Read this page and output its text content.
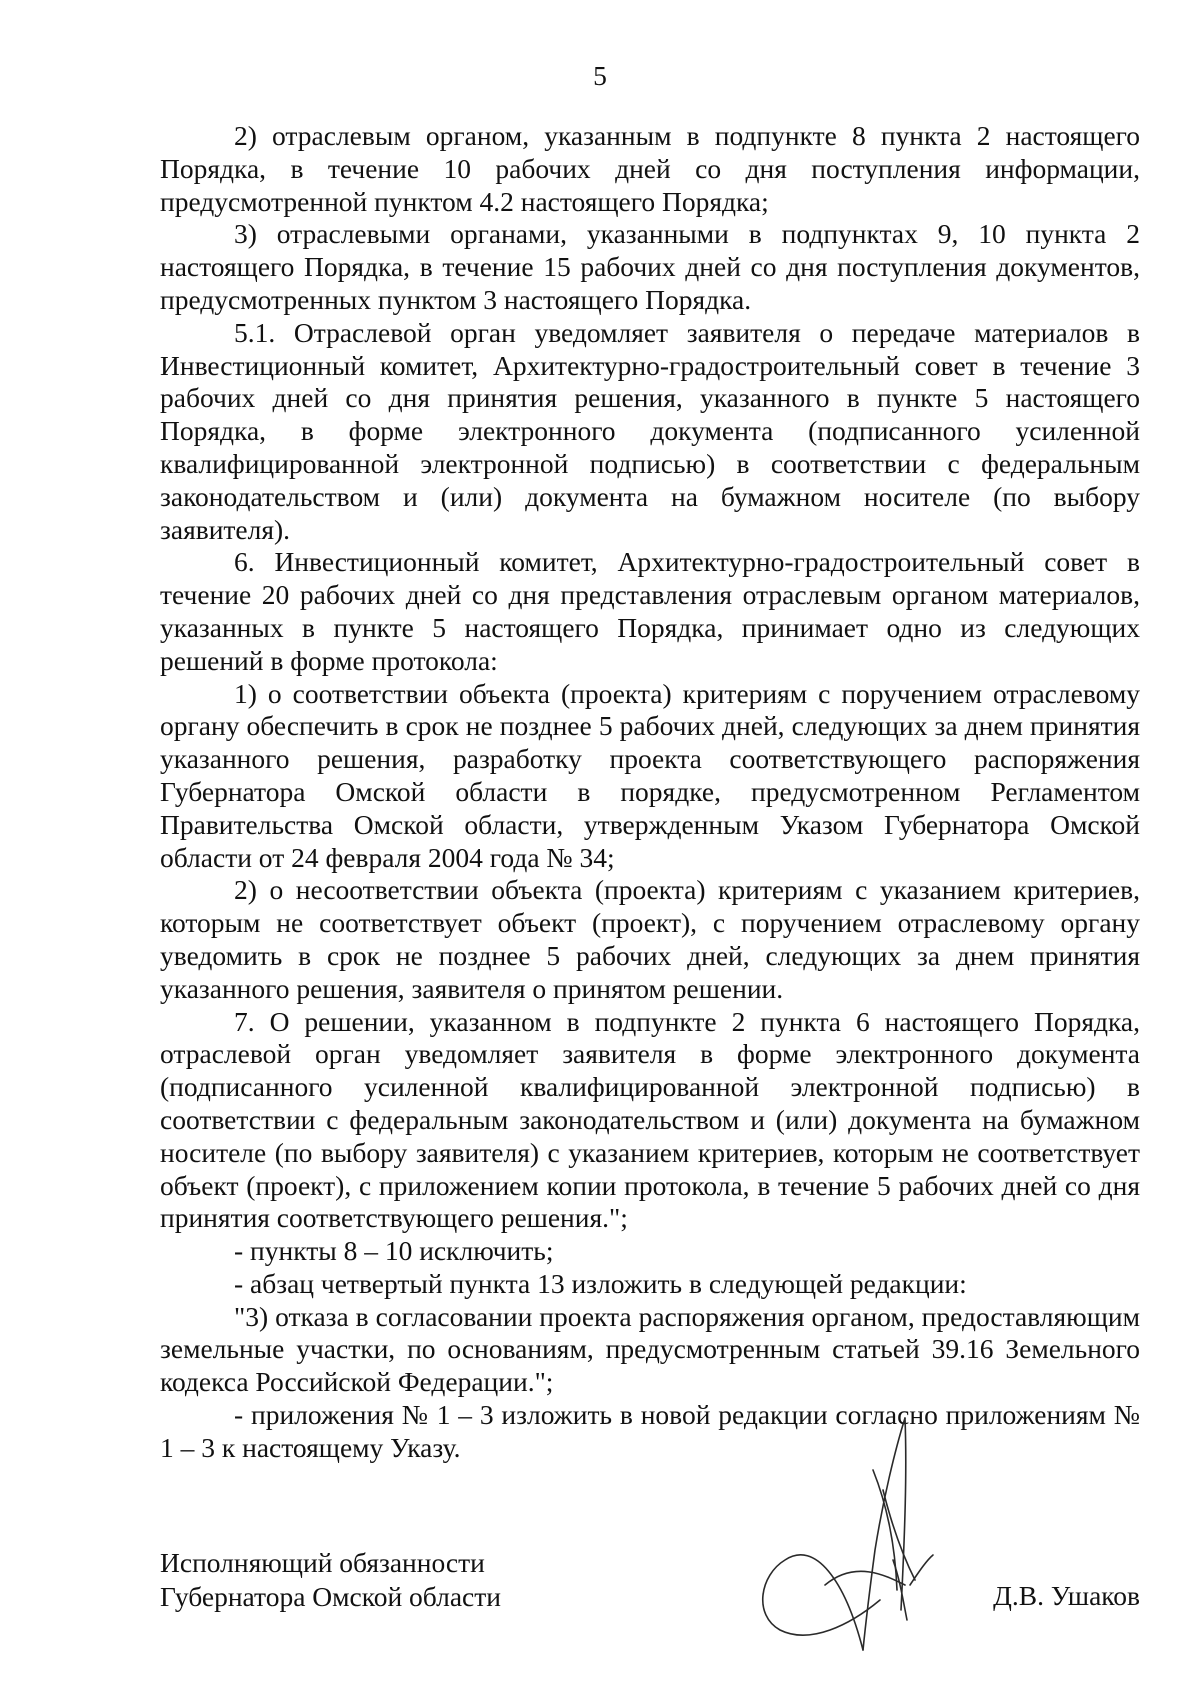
5

2) отраслевым органом, указанным в подпункте 8 пункта 2 настоящего Порядка, в течение 10 рабочих дней со дня поступления информации, предусмотренной пунктом 4.2 настоящего Порядка;

3) отраслевыми органами, указанными в подпунктах 9, 10 пункта 2 настоящего Порядка, в течение 15 рабочих дней со дня поступления документов, предусмотренных пунктом 3 настоящего Порядка.

5.1. Отраслевой орган уведомляет заявителя о передаче материалов в Инвестиционный комитет, Архитектурно-градостроительный совет в течение 3 рабочих дней со дня принятия решения, указанного в пункте 5 настоящего Порядка, в форме электронного документа (подписанного усиленной квалифицированной электронной подписью) в соответствии с федеральным законодательством и (или) документа на бумажном носителе (по выбору заявителя).

6. Инвестиционный комитет, Архитектурно-градостроительный совет в течение 20 рабочих дней со дня представления отраслевым органом материалов, указанных в пункте 5 настоящего Порядка, принимает одно из следующих решений в форме протокола:

1) о соответствии объекта (проекта) критериям с поручением отраслевому органу обеспечить в срок не позднее 5 рабочих дней, следующих за днем принятия указанного решения, разработку проекта соответствующего распоряжения Губернатора Омской области в порядке, предусмотренном Регламентом Правительства Омской области, утвержденным Указом Губернатора Омской области от 24 февраля 2004 года № 34;

2) о несоответствии объекта (проекта) критериям с указанием критериев, которым не соответствует объект (проект), с поручением отраслевому органу уведомить в срок не позднее 5 рабочих дней, следующих за днем принятия указанного решения, заявителя о принятом решении.

7. О решении, указанном в подпункте 2 пункта 6 настоящего Порядка, отраслевой орган уведомляет заявителя в форме электронного документа (подписанного усиленной квалифицированной электронной подписью) в соответствии с федеральным законодательством и (или) документа на бумажном носителе (по выбору заявителя) с указанием критериев, которым не соответствует объект (проект), с приложением копии протокола, в течение 5 рабочих дней со дня принятия соответствующего решения.";

- пункты 8 – 10 исключить;

- абзац четвертый пункта 13 изложить в следующей редакции:

"3) отказа в согласовании проекта распоряжения органом, предоставляющим земельные участки, по основаниям, предусмотренным статьей 39.16 Земельного кодекса Российской Федерации.";

- приложения № 1 – 3 изложить в новой редакции согласно приложениям № 1 – 3 к настоящему Указу.

Исполняющий обязанности
Губернатора Омской области	Д.В. Ушаков
